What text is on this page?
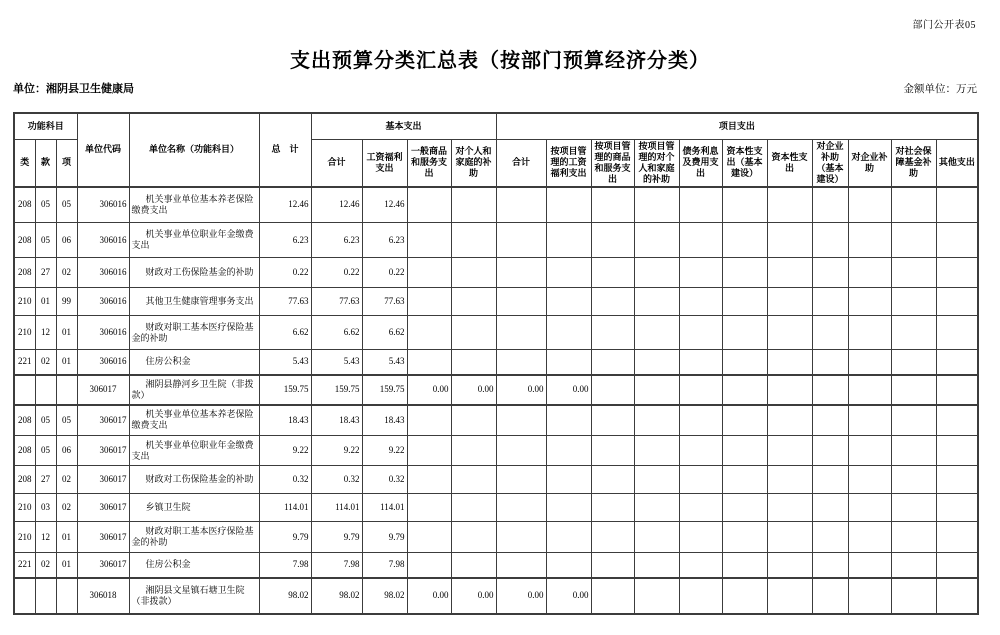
部门公开表05
支出预算分类汇总表（按部门预算经济分类）
单位：湘阴县卫生健康局	金额单位：万元
功能科目			单位代码	单位名称（功能科目）	总　计	基本支出				项目支出										
类	款	项				合计	工资福利支出	一般商品和服务支出	对个人和家庭的补助	合计	按项目管理的工资福利支出	按项目管理的商品和服务支出	按项目管理的对个人和家庭的补助	债务利息及费用支出	资本性支出（基本建设）	资本性支出	对企业补助（基本建设）	对企业补助	对社会保障基金补助	其他支出
208	05	05	306016	机关事业单位基本养老保险缴费支出	12.46	12.46	12.46													
208	05	06	306016	机关事业单位职业年金缴费支出	6.23	6.23	6.23													
208	27	02	306016	财政对工伤保险基金的补助	0.22	0.22	0.22													
210	01	99	306016	其他卫生健康管理事务支出	77.63	77.63	77.63													
210	12	01	306016	财政对职工基本医疗保险基金的补助	6.62	6.62	6.62													
221	02	01	306016	住房公积金	5.43	5.43	5.43													
			306017	湘阴县静河乡卫生院（非拨款）	159.75	159.75	159.75	0.00	0.00	0.00	0.00									
208	05	05	306017	机关事业单位基本养老保险缴费支出	18.43	18.43	18.43													
208	05	06	306017	机关事业单位职业年金缴费支出	9.22	9.22	9.22													
208	27	02	306017	财政对工伤保险基金的补助	0.32	0.32	0.32													
210	03	02	306017	乡镇卫生院	114.01	114.01	114.01													
210	12	01	306017	财政对职工基本医疗保险基金的补助	9.79	9.79	9.79													
221	02	01	306017	住房公积金	7.98	7.98	7.98													
			306018	湘阴县文星镇石塘卫生院（非拨款）	98.02	98.02	98.02	0.00	0.00	0.00	0.00									
